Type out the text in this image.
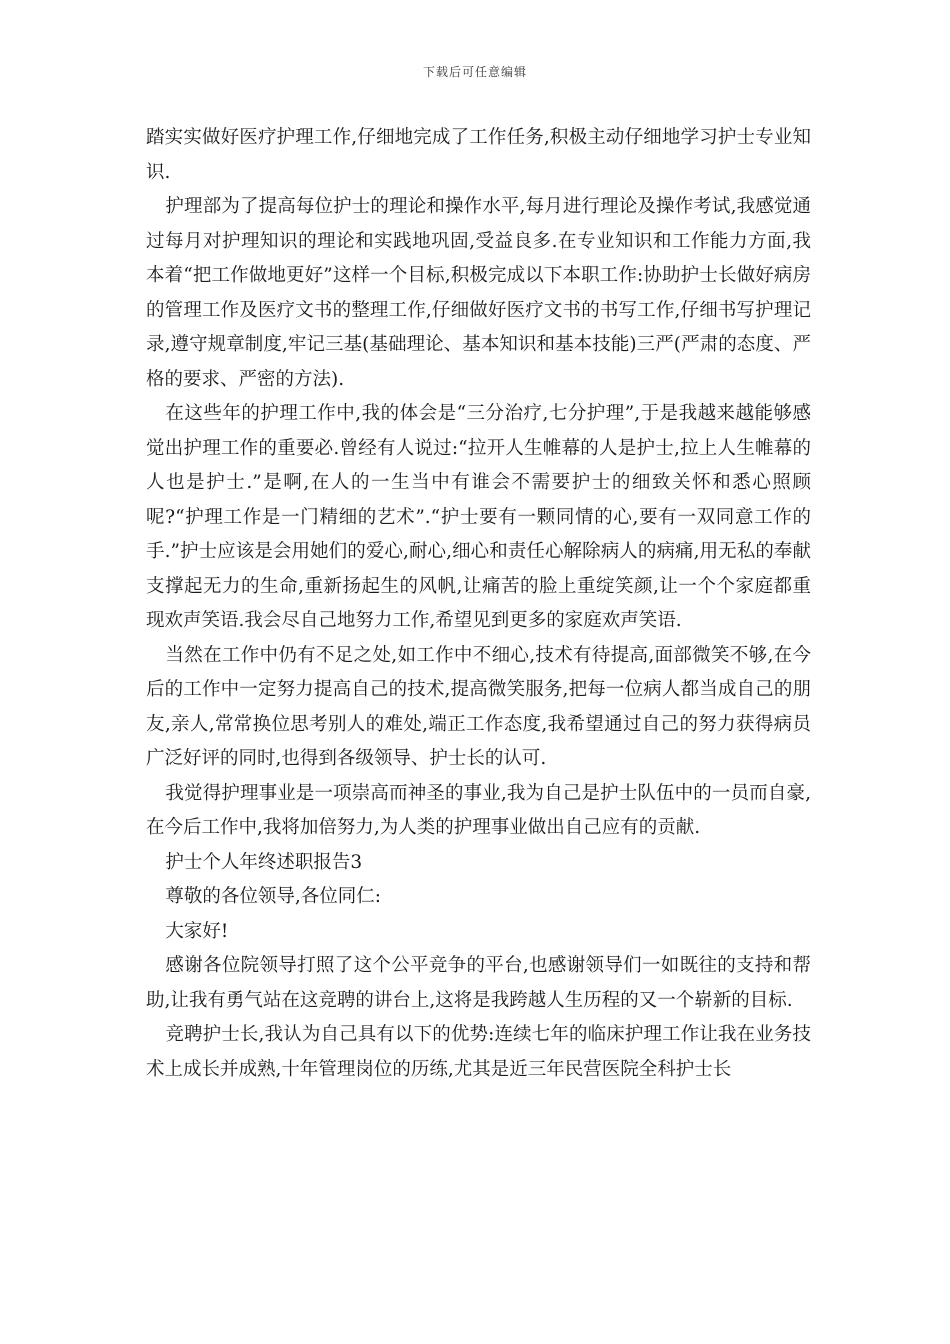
下载后可任意编辑

踏实实做好医疗护理工作,仔细地完成了工作任务,积极主动仔细地学习护士专业知识.

护理部为了提高每位护士的理论和操作水平,每月进行理论及操作考试,我感觉通过每月对护理知识的理论和实践地巩固,受益良多.在专业知识和工作能力方面,我本着“把工作做地更好”这样一个目标,积极完成以下本职工作:协助护士长做好病房的管理工作及医疗文书的整理工作,仔细做好医疗文书的书写工作,仔细书写护理记录,遵守规章制度,牢记三基(基础理论、基本知识和基本技能)三严(严肃的态度、严格的要求、严密的方法).

在这些年的护理工作中,我的体会是“三分治疗,七分护理”,于是我越来越能够感觉出护理工作的重要必.曾经有人说过:“拉开人生帷幕的人是护士,拉上人生帷幕的人也是护士.”是啊,在人的一生当中有谁会不需要护士的细致关怀和悉心照顾呢?“护理工作是一门精细的艺术”.“护士要有一颗同情的心,要有一双同意工作的手.”护士应该是会用她们的爱心,耐心,细心和责任心解除病人的病痛,用无私的奉献支撑起无力的生命,重新扬起生的风帆,让痛苦的脸上重绽笑颜,让一个个家庭都重现欢声笑语.我会尽自己地努力工作,希望见到更多的家庭欢声笑语.

当然在工作中仍有不足之处,如工作中不细心,技术有待提高,面部微笑不够,在今后的工作中一定努力提高自己的技术,提高微笑服务,把每一位病人都当成自己的朋友,亲人,常常换位思考别人的难处,端正工作态度,我希望通过自己的努力获得病员广泛好评的同时,也得到各级领导、护士长的认可.

我觉得护理事业是一项崇高而神圣的事业,我为自己是护士队伍中的一员而自豪,在今后工作中,我将加倍努力,为人类的护理事业做出自己应有的贡献.

护士个人年终述职报告3

尊敬的各位领导,各位同仁:

大家好!

感谢各位院领导打照了这个公平竞争的平台,也感谢领导们一如既往的支持和帮助,让我有勇气站在这竞聘的讲台上,这将是我跨越人生历程的又一个崭新的目标.

竞聘护士长,我认为自己具有以下的优势:连续七年的临床护理工作让我在业务技术上成长并成熟,十年管理岗位的历练,尤其是近三年民营医院全科护士长
